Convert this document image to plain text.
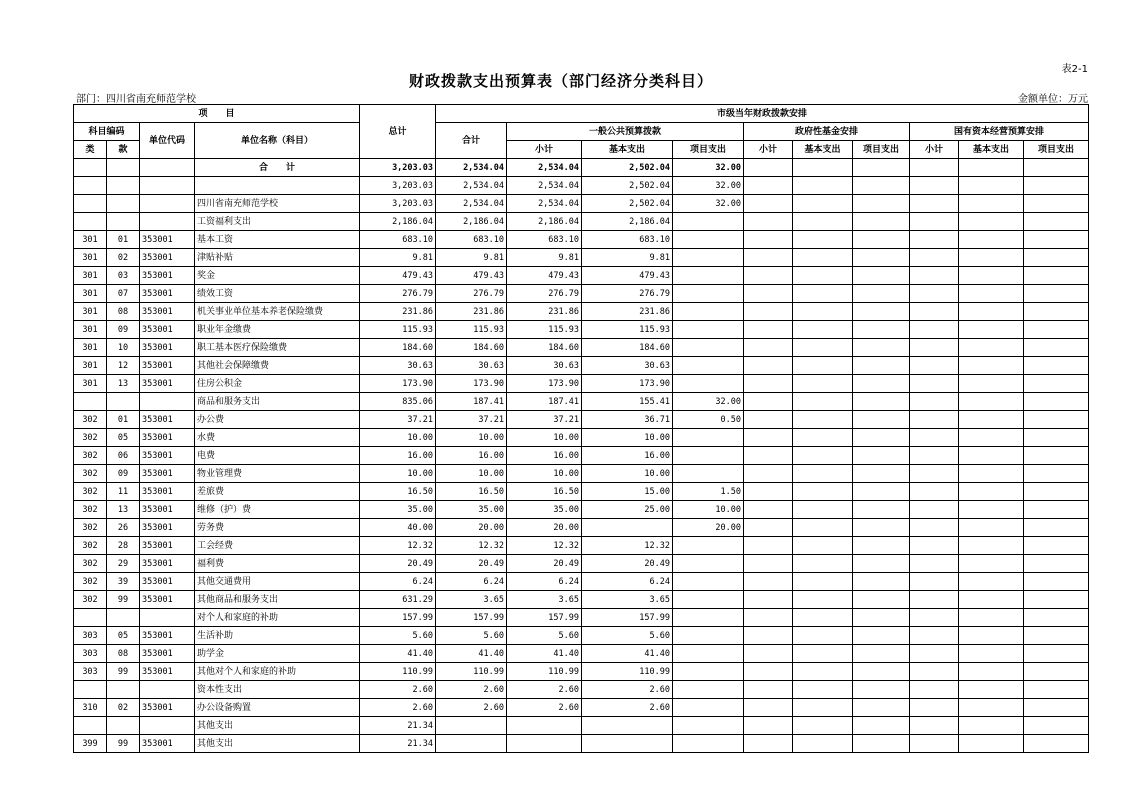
表2-1
财政拨款支出预算表（部门经济分类科目）
部门：四川省南充师范学校	金额单位：万元
项　　目				总计	市级当年财政拨款安排									
科目编码		单位代码	单位名称（科目）		合计	一般公共预算拨款			政府性基金安排			国有资本经营预算安排		
类	款					小计	基本支出	项目支出	小计	基本支出	项目支出	小计	基本支出	项目支出
			合　　计	3,203.03	2,534.04	2,534.04	2,502.04	32.00						
				3,203.03	2,534.04	2,534.04	2,502.04	32.00						
			四川省南充师范学校	3,203.03	2,534.04	2,534.04	2,502.04	32.00						
			工资福利支出	2,186.04	2,186.04	2,186.04	2,186.04							
301	01	353001	基本工资	683.10	683.10	683.10	683.10							
301	02	353001	津贴补贴	9.81	9.81	9.81	9.81							
301	03	353001	奖金	479.43	479.43	479.43	479.43							
301	07	353001	绩效工资	276.79	276.79	276.79	276.79							
301	08	353001	机关事业单位基本养老保险缴费	231.86	231.86	231.86	231.86							
301	09	353001	职业年金缴费	115.93	115.93	115.93	115.93							
301	10	353001	职工基本医疗保险缴费	184.60	184.60	184.60	184.60							
301	12	353001	其他社会保障缴费	30.63	30.63	30.63	30.63							
301	13	353001	住房公积金	173.90	173.90	173.90	173.90							
			商品和服务支出	835.06	187.41	187.41	155.41	32.00						
302	01	353001	办公费	37.21	37.21	37.21	36.71	0.50						
302	05	353001	水费	10.00	10.00	10.00	10.00							
302	06	353001	电费	16.00	16.00	16.00	16.00							
302	09	353001	物业管理费	10.00	10.00	10.00	10.00							
302	11	353001	差旅费	16.50	16.50	16.50	15.00	1.50						
302	13	353001	维修（护）费	35.00	35.00	35.00	25.00	10.00						
302	26	353001	劳务费	40.00	20.00	20.00		20.00						
302	28	353001	工会经费	12.32	12.32	12.32	12.32							
302	29	353001	福利费	20.49	20.49	20.49	20.49							
302	39	353001	其他交通费用	6.24	6.24	6.24	6.24							
302	99	353001	其他商品和服务支出	631.29	3.65	3.65	3.65							
			对个人和家庭的补助	157.99	157.99	157.99	157.99							
303	05	353001	生活补助	5.60	5.60	5.60	5.60							
303	08	353001	助学金	41.40	41.40	41.40	41.40							
303	99	353001	其他对个人和家庭的补助	110.99	110.99	110.99	110.99							
			资本性支出	2.60	2.60	2.60	2.60							
310	02	353001	办公设备购置	2.60	2.60	2.60	2.60							
			其他支出	21.34										
399	99	353001	其他支出	21.34										
